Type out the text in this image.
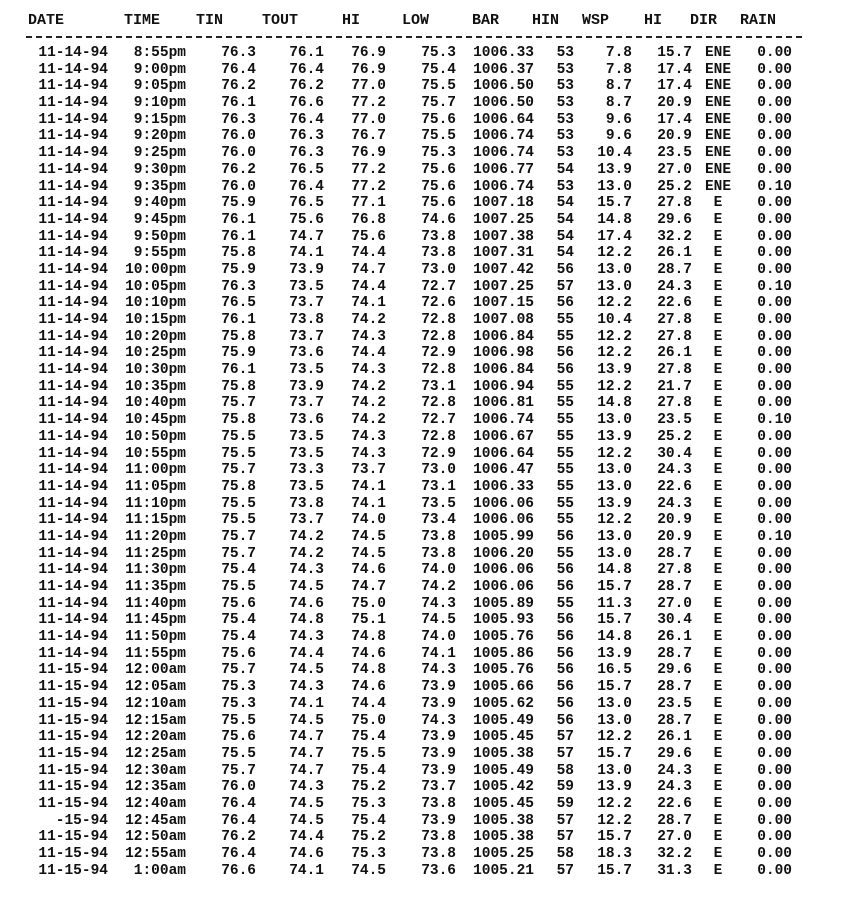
DATE	TIME TIN	TOUT	HI	LOW	BAR HIN WSP HI DIR RAIN
11-14-94	8:55pm	76.3	76.1	76.9	75.3	1006.33	53	7.8	15.7 ENE	0.00
11-14-94	9:00pm	76.4	76.4	76.9	75.4	1006.37	53	7.8	17.4 ENE	0.00
11-14-94	9:05pm	76.2	76.2	77.0	75.5	1006.50	53	8.7	17.4 ENE	0.00
11-14-94	9:10pm	76.1	76.6	77.2	75.7	1006.50	53	8.7	20.9 ENE	0.00
11-14-94	9:15pm	76.3	76.4	77.0	75.6	1006.64	53	9.6	17.4 ENE	0.00
11-14-94	9:20pm	76.0	76.3	76.7	75.5	1006.74	53	9.6	20.9 ENE	0.00
11-14-94	9:25pm	76.0	76.3	76.9	75.3	1006.74	53	10.4	23.5 ENE	0.00
11-14-94	9:30pm	76.2	76.5	77.2	75.6	1006.77	54	13.9	27.0 ENE	0.00
11-14-94	9:35pm	76.0	76.4	77.2	75.6	1006.74	53	13.0	25.2 ENE	0.10
11-14-94	9:40pm	75.9	76.5	77.1	75.6	1007.18	54	15.7	27.8	E	0.00
11-14-94	9:45pm	76.1	75.6	76.8	74.6	1007.25	54	14.8	29.6	E	0.00
11-14-94	9:50pm	76.1	74.7	75.6	73.8	1007.38	54	17.4	32.2	E	0.00
11-14-94	9:55pm	75.8	74.1	74.4	73.8	1007.31	54	12.2	26.1	E	0.00
11-14-94	10:00pm	75.9	73.9	74.7	73.0	1007.42	56	13.0	28.7	E	0.00
11-14-94	10:05pm	76.3	73.5	74.4	72.7	1007.25	57	13.0	24.3	E	0.10
11-14-94	10:10pm	76.5	73.7	74.1	72.6	1007.15	56	12.2	22.6	E	0.00
11-14-94	10:15pm	76.1	73.8	74.2	72.8	1007.08	55	10.4	27.8	E	0.00
11-14-94	10:20pm	75.8	73.7	74.3	72.8	1006.84	55	12.2	27.8	E	0.00
11-14-94	10:25pm	75.9	73.6	74.4	72.9	1006.98	56	12.2	26.1	E	0.00
11-14-94	10:30pm	76.1	73.5	74.3	72.8	1006.84	56	13.9	27.8	E	0.00
11-14-94	10:35pm	75.8	73.9	74.2	73.1	1006.94	55	12.2	21.7	E	0.00
11-14-94	10:40pm	75.7	73.7	74.2	72.8	1006.81	55	14.8	27.8	E	0.00
11-14-94	10:45pm	75.8	73.6	74.2	72.7	1006.74	55	13.0	23.5	E	0.10
11-14-94	10:50pm	75.5	73.5	74.3	72.8	1006.67	55	13.9	25.2	E	0.00
11-14-94	10:55pm	75.5	73.5	74.3	72.9	1006.64	55	12.2	30.4	E	0.00
11-14-94	11:00pm	75.7	73.3	73.7	73.0	1006.47	55	13.0	24.3	E	0.00
11-14-94	11:05pm	75.8	73.5	74.1	73.1	1006.33	55	13.0	22.6	E	0.00
11-14-94	11:10pm	75.5	73.8	74.1	73.5	1006.06	55	13.9	24.3	E	0.00
11-14-94	11:15pm	75.5	73.7	74.0	73.4	1006.06	55	12.2	20.9	E	0.00
11-14-94	11:20pm	75.7	74.2	74.5	73.8	1005.99	56	13.0	20.9	E	0.10
11-14-94	11:25pm	75.7	74.2	74.5	73.8	1006.20	55	13.0	28.7	E	0.00
11-14-94	11:30pm	75.4	74.3	74.6	74.0	1006.06	56	14.8	27.8	E	0.00
11-14-94	11:35pm	75.5	74.5	74.7	74.2	1006.06	56	15.7	28.7	E	0.00
11-14-94	11:40pm	75.6	74.6	75.0	74.3	1005.89	55	11.3	27.0	E	0.00
11-14-94	11:45pm	75.4	74.8	75.1	74.5	1005.93	56	15.7	30.4	E	0.00
11-14-94	11:50pm	75.4	74.3	74.8	74.0	1005.76	56	14.8	26.1	E	0.00
11-14-94	11:55pm	75.6	74.4	74.6	74.1	1005.86	56	13.9	28.7	E	0.00
11-15-94	12:00am	75.7	74.5	74.8	74.3	1005.76	56	16.5	29.6	E	0.00
11-15-94	12:05am	75.3	74.3	74.6	73.9	1005.66	56	15.7	28.7	E	0.00
11-15-94	12:10am	75.3	74.1	74.4	73.9	1005.62	56	13.0	23.5	E	0.00
11-15-94	12:15am	75.5	74.5	75.0	74.3	1005.49	56	13.0	28.7	E	0.00
11-15-94	12:20am	75.6	74.7	75.4	73.9	1005.45	57	12.2	26.1	E	0.00
11-15-94	12:25am	75.5	74.7	75.5	73.9	1005.38	57	15.7	29.6	E	0.00
11-15-94	12:30am	75.7	74.7	75.4	73.9	1005.49	58	13.0	24.3	E	0.00
11-15-94	12:35am	76.0	74.3	75.2	73.7	1005.42	59	13.9	24.3	E	0.00
11-15-94	12:40am	76.4	74.5	75.3	73.8	1005.45	59	12.2	22.6	E	0.00
-15-94	12:45am	76.4	74.5	75.4	73.9	1005.38	57	12.2	28.7	E	0.00
11-15-94	12:50am	76.2	74.4	75.2	73.8	1005.38	57	15.7	27.0	E	0.00
11-15-94	12:55am	76.4	74.6	75.3	73.8	1005.25	58	18.3	32.2	E	0.00
11-15-94	1:00am	76.6	74.1	74.5	73.6	1005.21	57	15.7	31.3	E	0.00
